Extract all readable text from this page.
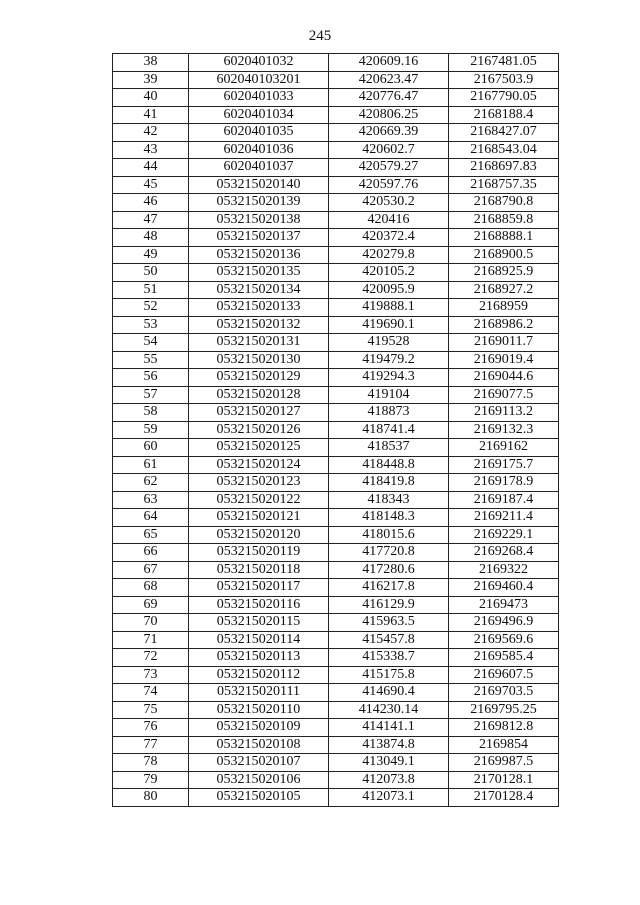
245
38	6020401032	420609.16	2167481.05
39	602040103201	420623.47	2167503.9
40	6020401033	420776.47	2167790.05
41	6020401034	420806.25	2168188.4
42	6020401035	420669.39	2168427.07
43	6020401036	420602.7	2168543.04
44	6020401037	420579.27	2168697.83
45	053215020140	420597.76	2168757.35
46	053215020139	420530.2	2168790.8
47	053215020138	420416	2168859.8
48	053215020137	420372.4	2168888.1
49	053215020136	420279.8	2168900.5
50	053215020135	420105.2	2168925.9
51	053215020134	420095.9	2168927.2
52	053215020133	419888.1	2168959
53	053215020132	419690.1	2168986.2
54	053215020131	419528	2169011.7
55	053215020130	419479.2	2169019.4
56	053215020129	419294.3	2169044.6
57	053215020128	419104	2169077.5
58	053215020127	418873	2169113.2
59	053215020126	418741.4	2169132.3
60	053215020125	418537	2169162
61	053215020124	418448.8	2169175.7
62	053215020123	418419.8	2169178.9
63	053215020122	418343	2169187.4
64	053215020121	418148.3	2169211.4
65	053215020120	418015.6	2169229.1
66	053215020119	417720.8	2169268.4
67	053215020118	417280.6	2169322
68	053215020117	416217.8	2169460.4
69	053215020116	416129.9	2169473
70	053215020115	415963.5	2169496.9
71	053215020114	415457.8	2169569.6
72	053215020113	415338.7	2169585.4
73	053215020112	415175.8	2169607.5
74	053215020111	414690.4	2169703.5
75	053215020110	414230.14	2169795.25
76	053215020109	414141.1	2169812.8
77	053215020108	413874.8	2169854
78	053215020107	413049.1	2169987.5
79	053215020106	412073.8	2170128.1
80	053215020105	412073.1	2170128.4
